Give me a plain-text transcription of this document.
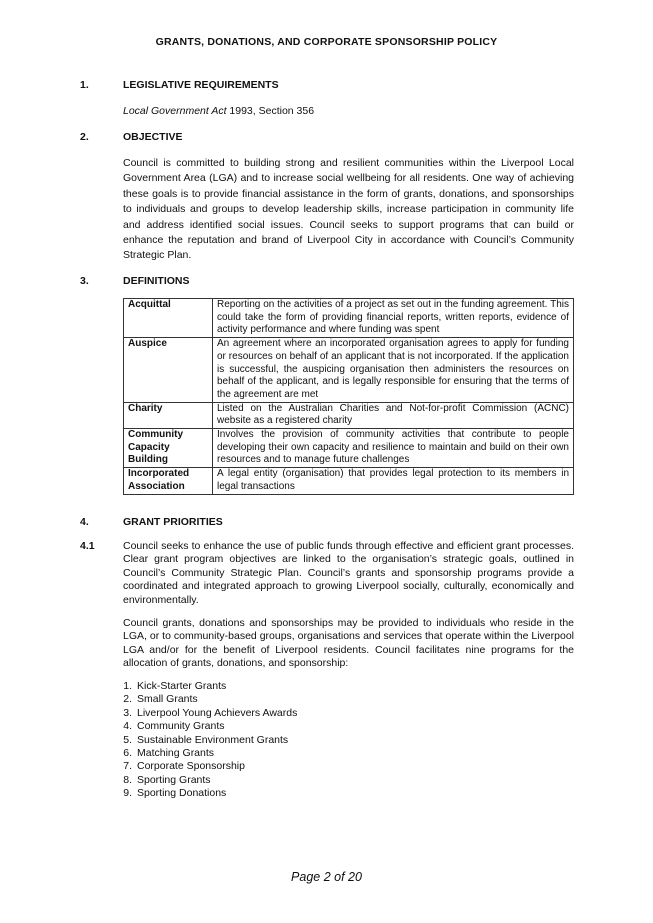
GRANTS, DONATIONS, AND CORPORATE SPONSORSHIP POLICY
1.	LEGISLATIVE REQUIREMENTS
Local Government Act 1993, Section 356
2.	OBJECTIVE

Council is committed to building strong and resilient communities within the Liverpool Local Government Area (LGA) and to increase social wellbeing for all residents. One way of achieving these goals is to provide financial assistance in the form of grants, donations, and sponsorships to individuals and groups to develop leadership skills, increase participation in community life and address identified social issues. Council seeks to support programs that can build or enhance the reputation and brand of Liverpool City in accordance with Council’s Community Strategic Plan.

3.	DEFINITIONS
Acquittal	Reporting on the activities of a project as set out in the funding agreement. This could take the form of providing financial reports, written reports, evidence of activity performance and where funding was spent
Auspice	An agreement where an incorporated organisation agrees to apply for funding or resources on behalf of an applicant that is not incorporated. If the application is successful, the auspicing organisation then administers the resources on behalf of the applicant, and is legally responsible for ensuring that the terms of the agreement are met
Charity	Listed on the Australian Charities and Not-for-profit Commission (ACNC) website as a registered charity
Community Capacity Building	Involves the provision of community activities that contribute to people developing their own capacity and resilience to maintain and build on their own resources and to manage future challenges
Incorporated Association	A legal entity (organisation) that provides legal protection to its members in legal transactions
4.	GRANT PRIORITIES
4.1	Council seeks to enhance the use of public funds through effective and efficient grant processes. Clear grant program objectives are linked to the organisation’s strategic goals, outlined in Council’s Community Strategic Plan. Council’s grants and sponsorship programs provide a coordinated and integrated approach to growing Liverpool socially, culturally, economically and environmentally.

Council grants, donations and sponsorships may be provided to individuals who reside in the LGA, or to community-based groups, organisations and services that operate within the Liverpool LGA and/or for the benefit of Liverpool residents. Council facilitates nine programs for the allocation of grants, donations, and sponsorship:

1. Kick-Starter Grants
2. Small Grants
3. Liverpool Young Achievers Awards
4. Community Grants
5. Sustainable Environment Grants
6. Matching Grants
7. Corporate Sponsorship
8. Sporting Grants
9. Sporting Donations
Page 2 of 20
